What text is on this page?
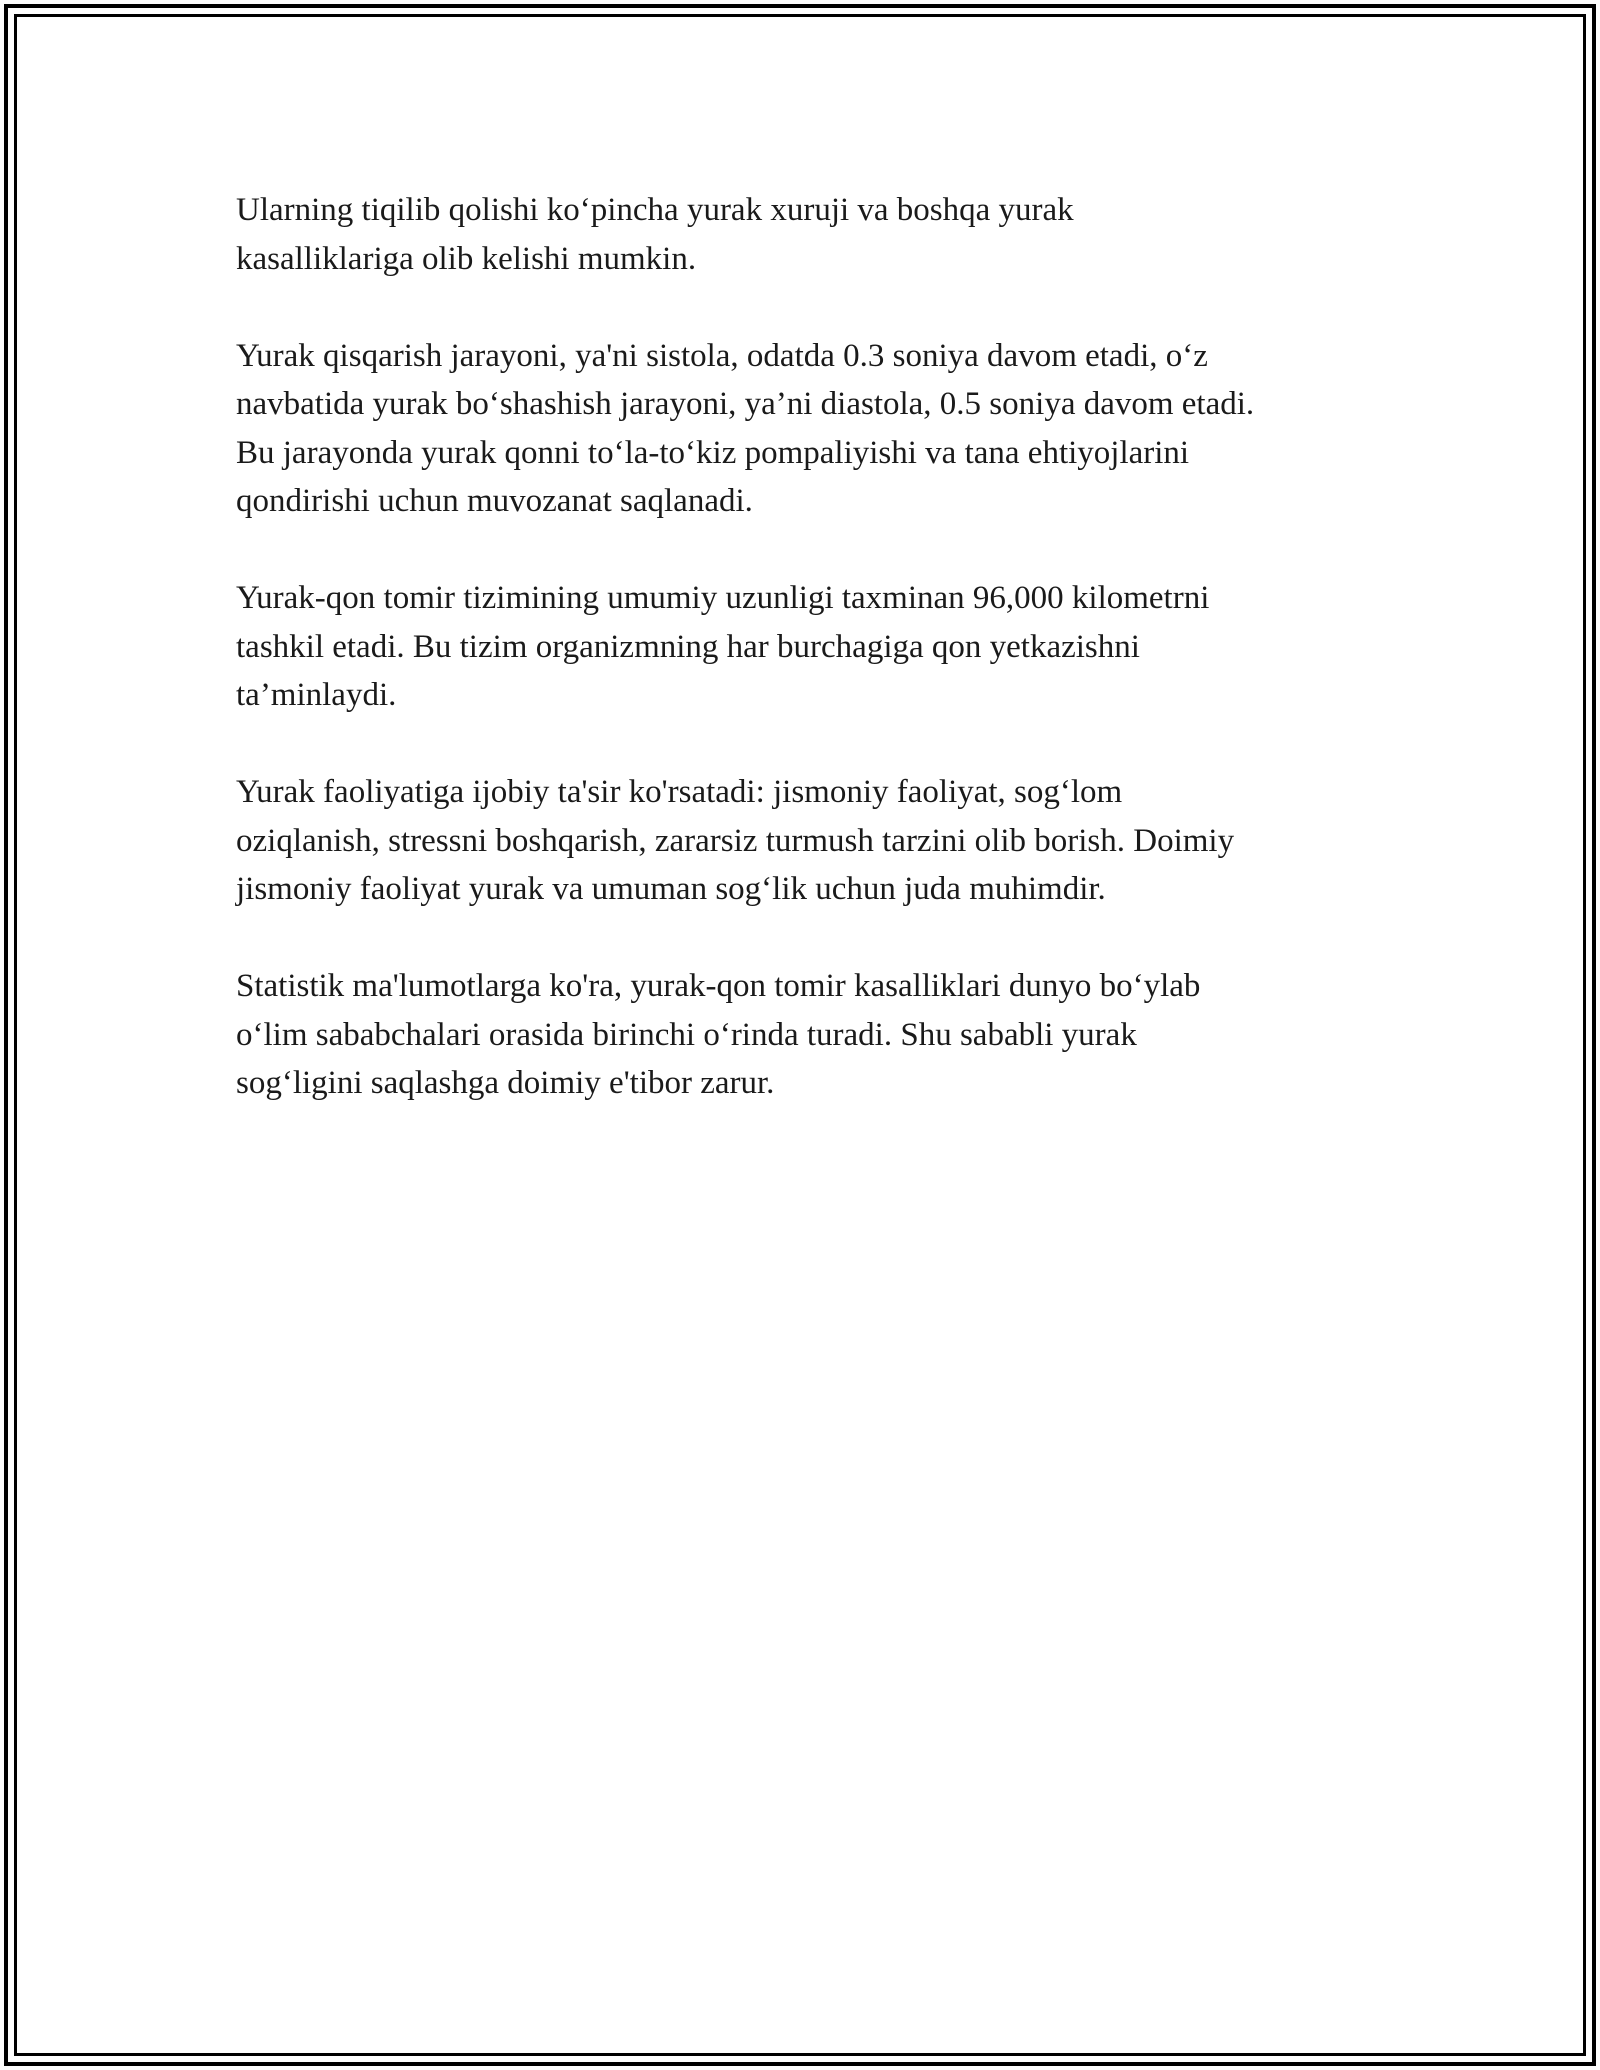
Ularning tiqilib qolishi ko‘pincha yurak xuruji va boshqa yurak
kasalliklariga olib kelishi mumkin.

Yurak qisqarish jarayoni, ya'ni sistola, odatda 0.3 soniya davom etadi, o‘z
navbatida yurak bo‘shashish jarayoni, ya’ni diastola, 0.5 soniya davom etadi.
Bu jarayonda yurak qonni to‘la-to‘kiz pompaliyishi va tana ehtiyojlarini
qondirishi uchun muvozanat saqlanadi.

Yurak-qon tomir tizimining umumiy uzunligi taxminan 96,000 kilometrni
tashkil etadi. Bu tizim organizmning har burchagiga qon yetkazishni
ta’minlaydi.

Yurak faoliyatiga ijobiy ta'sir ko'rsatadi: jismoniy faoliyat, sog‘lom
oziqlanish, stressni boshqarish, zararsiz turmush tarzini olib borish. Doimiy
jismoniy faoliyat yurak va umuman sog‘lik uchun juda muhimdir.

Statistik ma'lumotlarga ko'ra, yurak-qon tomir kasalliklari dunyo bo‘ylab
o‘lim sababchalari orasida birinchi o‘rinda turadi. Shu sababli yurak
sog‘ligini saqlashga doimiy e'tibor zarur.
